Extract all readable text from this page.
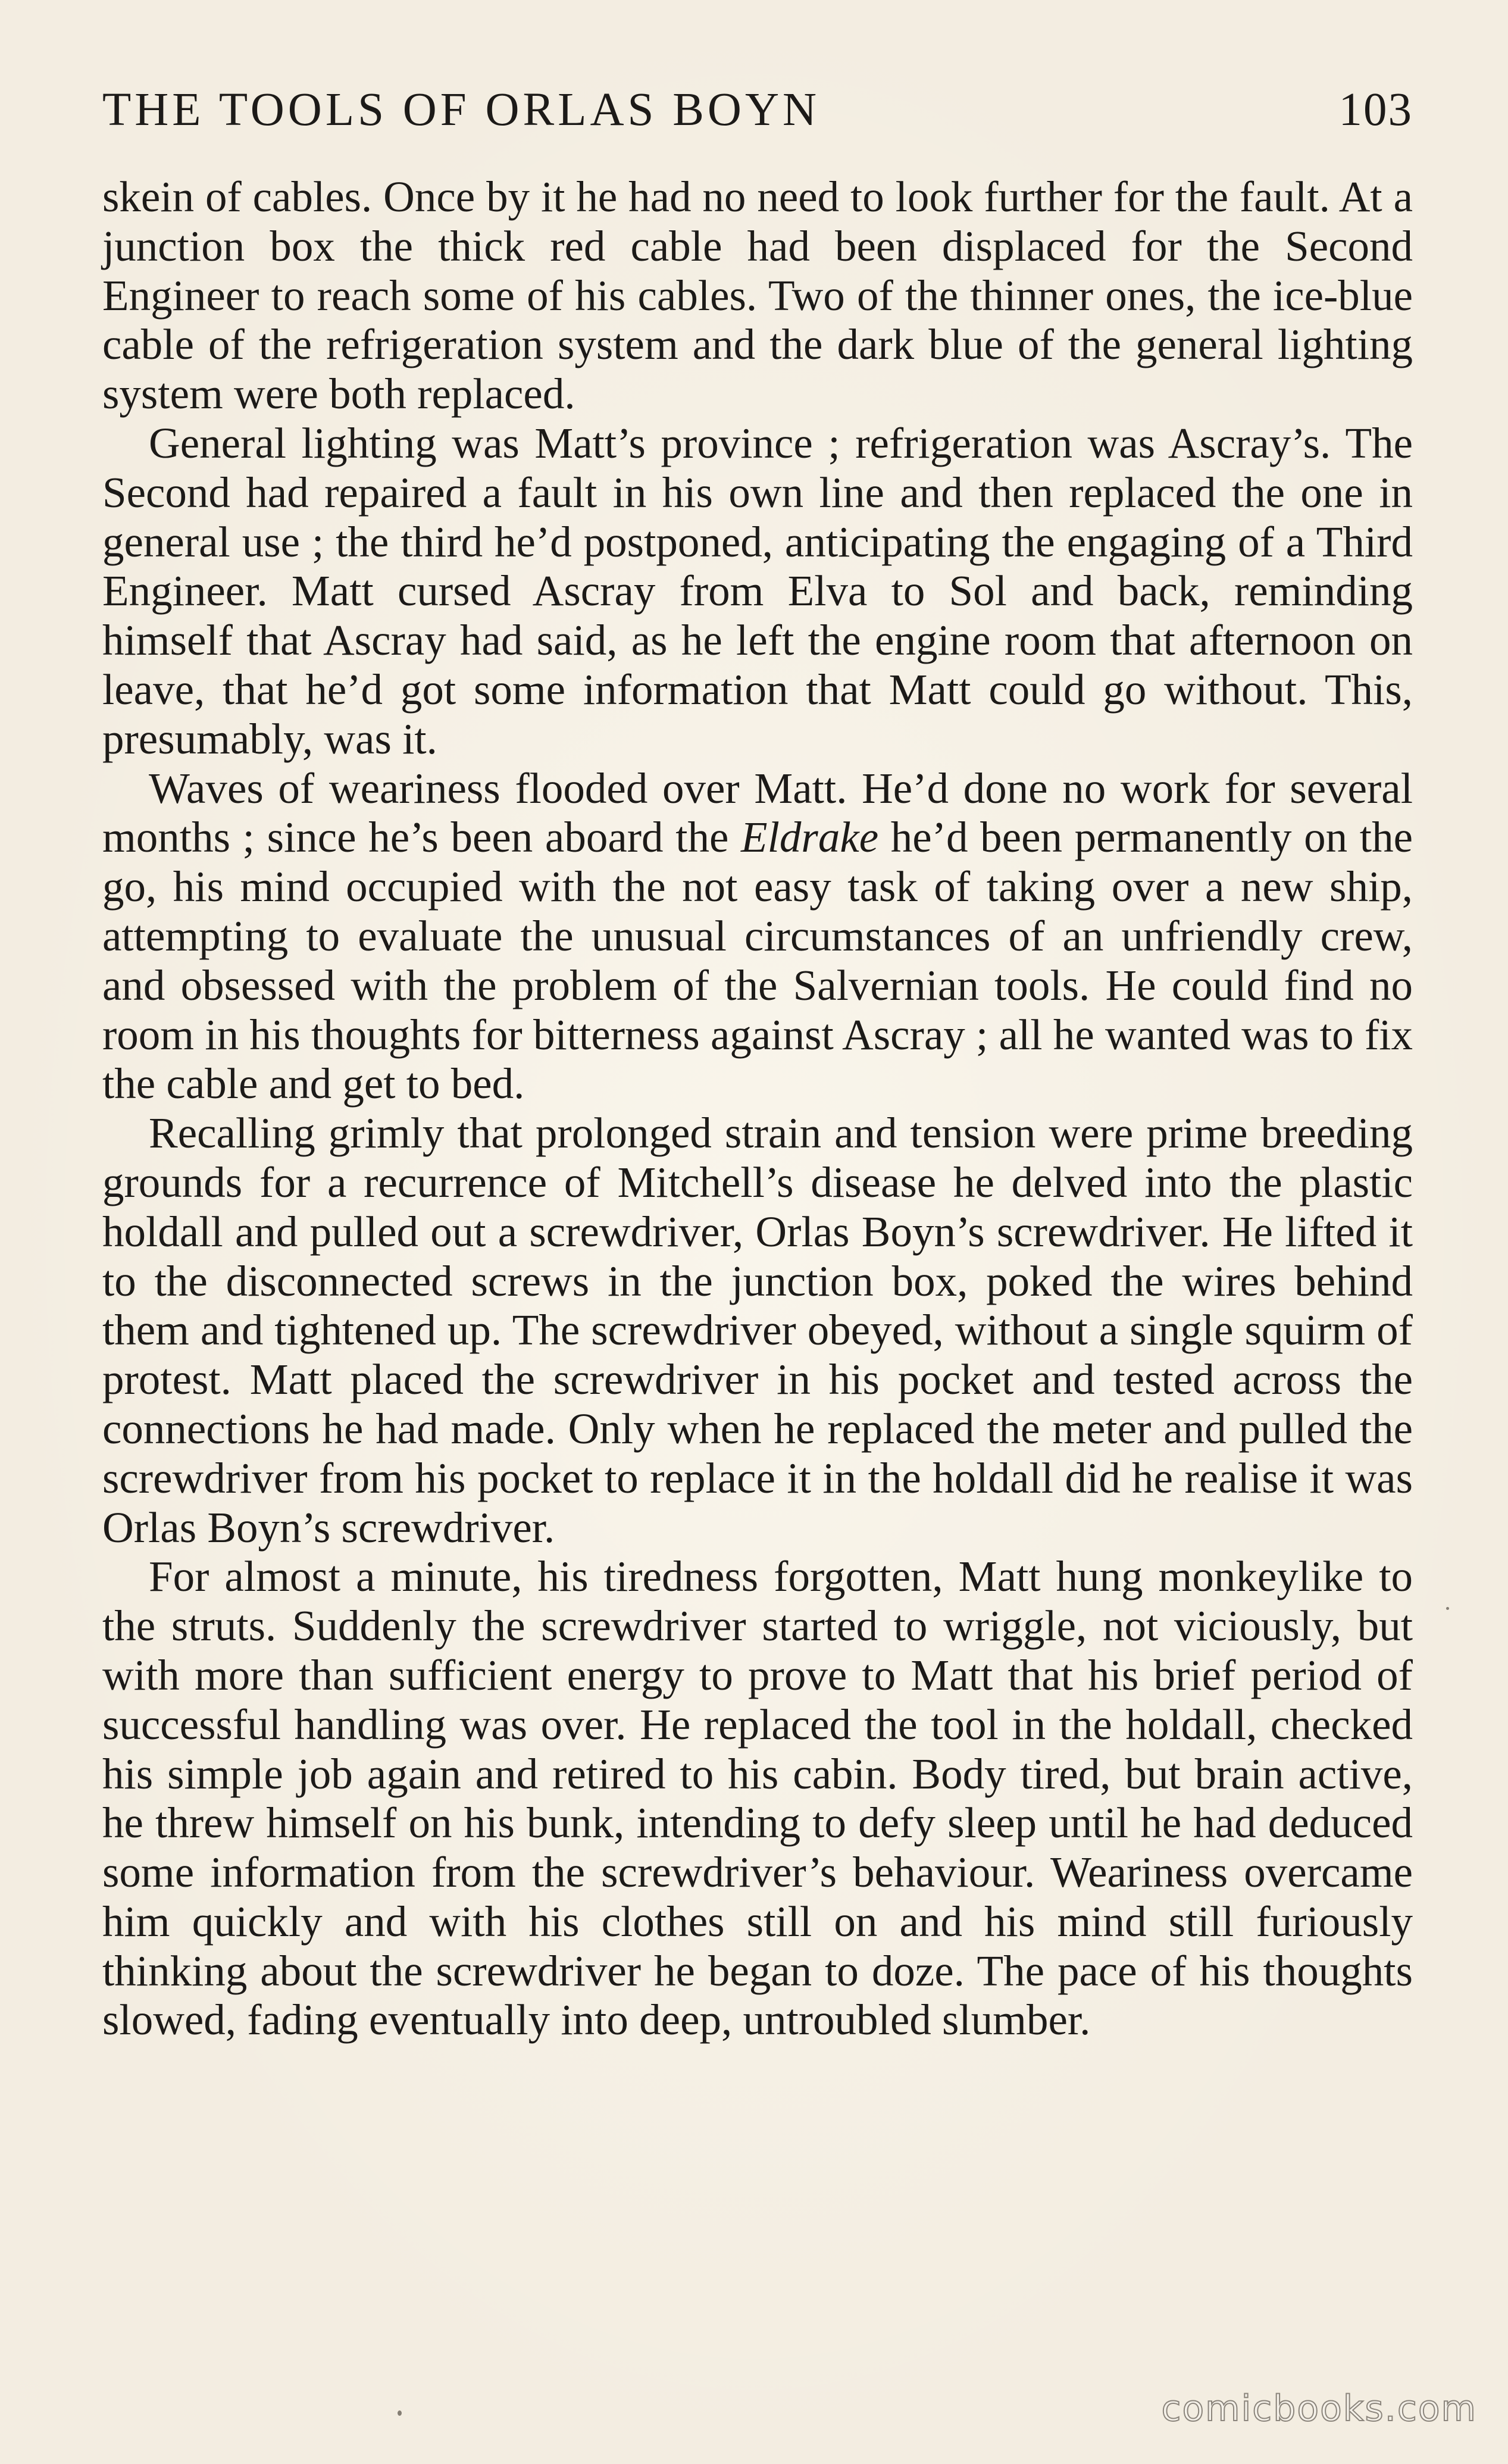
THE TOOLS OF ORLAS BOYN	103

skein of cables. Once by it he had no need to look further for the fault. At a junction box the thick red cable had been displaced for the Second Engineer to reach some of his cables. Two of the thinner ones, the ice-blue cable of the refrigeration system and the dark blue of the general lighting system were both replaced.

General lighting was Matt’s province ; refrigeration was Ascray’s. The Second had repaired a fault in his own line and then replaced the one in general use ; the third he’d postponed, anticipating the engaging of a Third Engineer. Matt cursed Ascray from Elva to Sol and back, reminding himself that Ascray had said, as he left the engine room that afternoon on leave, that he’d got some information that Matt could go without. This, presumably, was it.

Waves of weariness flooded over Matt. He’d done no work for several months ; since he’s been aboard the Eldrake he’d been permanently on the go, his mind occupied with the not easy task of taking over a new ship, attempting to evaluate the unusual circumstances of an unfriendly crew, and obsessed with the problem of the Salvernian tools. He could find no room in his thoughts for bitterness against Ascray ; all he wanted was to fix the cable and get to bed.

Recalling grimly that prolonged strain and tension were prime breeding grounds for a recurrence of Mitchell’s disease he delved into the plastic holdall and pulled out a screwdriver, Orlas Boyn’s screwdriver. He lifted it to the disconnected screws in the junction box, poked the wires behind them and tightened up. The screwdriver obeyed, without a single squirm of protest. Matt placed the screwdriver in his pocket and tested across the connections he had made. Only when he replaced the meter and pulled the screwdriver from his pocket to replace it in the holdall did he realise it was Orlas Boyn’s screwdriver.

For almost a minute, his tiredness forgotten, Matt hung monkeylike to the struts. Suddenly the screwdriver started to wriggle, not viciously, but with more than sufficient energy to prove to Matt that his brief period of successful handling was over. He replaced the tool in the holdall, checked his simple job again and retired to his cabin. Body tired, but brain active, he threw himself on his bunk, intending to defy sleep until he had deduced some information from the screwdriver’s behaviour. Weariness overcame him quickly and with his clothes still on and his mind still furiously thinking about the screwdriver he began to doze. The pace of his thoughts slowed, fading eventually into deep, untroubled slumber.

comicbooks.com
